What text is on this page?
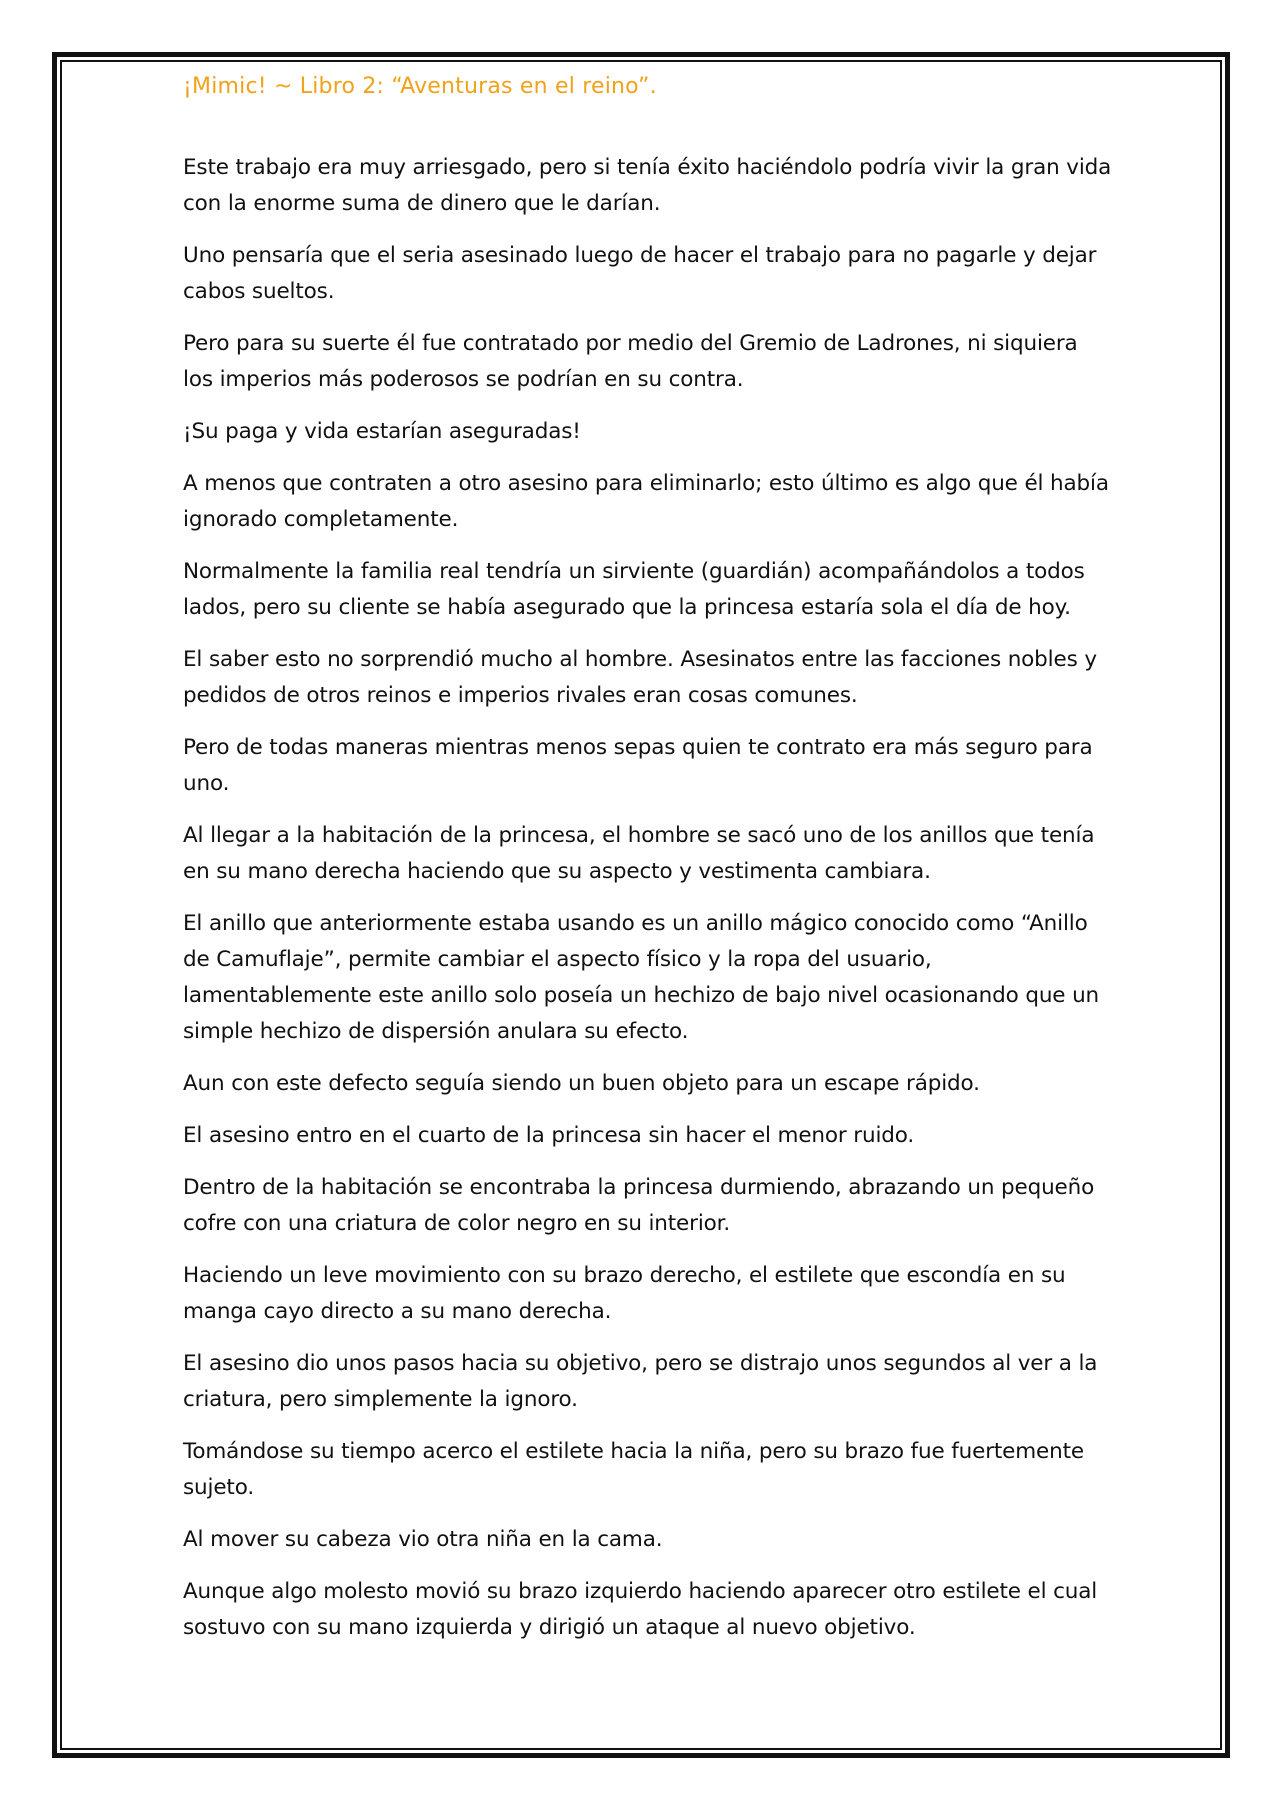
¡Mimic! ~ Libro 2: “Aventuras en el reino”.

Este trabajo era muy arriesgado, pero si tenía éxito haciéndolo podría vivir la gran vida con la enorme suma de dinero que le darían.

Uno pensaría que el seria asesinado luego de hacer el trabajo para no pagarle y dejar cabos sueltos.

Pero para su suerte él fue contratado por medio del Gremio de Ladrones, ni siquiera los imperios más poderosos se podrían en su contra.

¡Su paga y vida estarían aseguradas!

A menos que contraten a otro asesino para eliminarlo; esto último es algo que él había ignorado completamente.

Normalmente la familia real tendría un sirviente (guardián) acompañándolos a todos lados, pero su cliente se había asegurado que la princesa estaría sola el día de hoy.

El saber esto no sorprendió mucho al hombre. Asesinatos entre las facciones nobles y pedidos de otros reinos e imperios rivales eran cosas comunes.

Pero de todas maneras mientras menos sepas quien te contrato era más seguro para uno.

Al llegar a la habitación de la princesa, el hombre se sacó uno de los anillos que tenía en su mano derecha haciendo que su aspecto y vestimenta cambiara.

El anillo que anteriormente estaba usando es un anillo mágico conocido como “Anillo de Camuflaje”, permite cambiar el aspecto físico y la ropa del usuario, lamentablemente este anillo solo poseía un hechizo de bajo nivel ocasionando que un simple hechizo de dispersión anulara su efecto.

Aun con este defecto seguía siendo un buen objeto para un escape rápido.

El asesino entro en el cuarto de la princesa sin hacer el menor ruido.

Dentro de la habitación se encontraba la princesa durmiendo, abrazando un pequeño cofre con una criatura de color negro en su interior.

Haciendo un leve movimiento con su brazo derecho, el estilete que escondía en su manga cayo directo a su mano derecha.

El asesino dio unos pasos hacia su objetivo, pero se distrajo unos segundos al ver a la criatura, pero simplemente la ignoro.

Tomándose su tiempo acerco el estilete hacia la niña, pero su brazo fue fuertemente sujeto.

Al mover su cabeza vio otra niña en la cama.

Aunque algo molesto movió su brazo izquierdo haciendo aparecer otro estilete el cual sostuvo con su mano izquierda y dirigió un ataque al nuevo objetivo.
